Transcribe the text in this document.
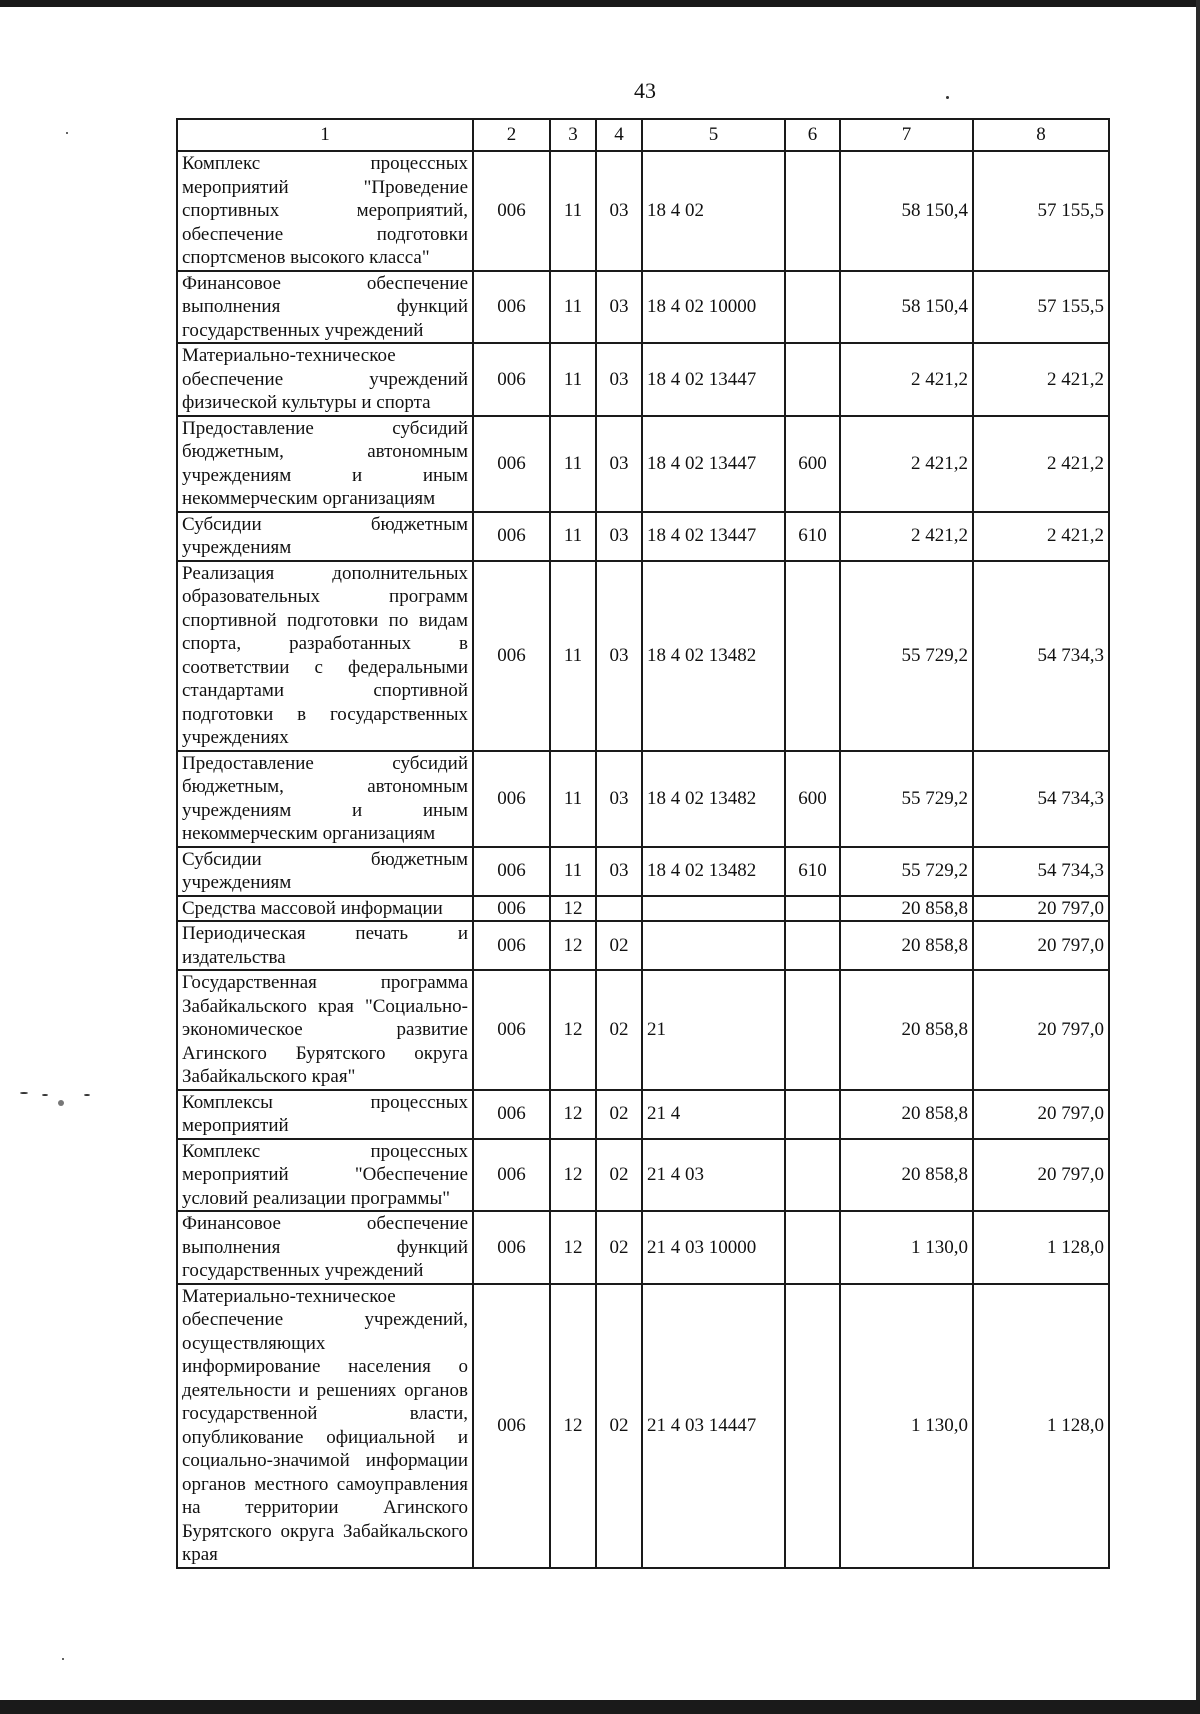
43
1	2	3	4	5	6	7	8
Комплекс процессных мероприятий "Проведение спортивных мероприятий, обеспечение подготовки спортсменов высокого класса"	006	11	03	18 4 02		58 150,4	57 155,5
Финансовое обеспечение выполнения функций государственных учреждений	006	11	03	18 4 02 10000		58 150,4	57 155,5
Материально-техническое обеспечение учреждений физической культуры и спорта	006	11	03	18 4 02 13447		2 421,2	2 421,2
Предоставление субсидий бюджетным, автономным учреждениям и иным некоммерческим организациям	006	11	03	18 4 02 13447	600	2 421,2	2 421,2
Субсидии бюджетным учреждениям	006	11	03	18 4 02 13447	610	2 421,2	2 421,2
Реализация дополнительных образовательных программ спортивной подготовки по видам спорта, разработанных в соответствии с федеральными стандартами спортивной подготовки в государственных учреждениях	006	11	03	18 4 02 13482		55 729,2	54 734,3
Предоставление субсидий бюджетным, автономным учреждениям и иным некоммерческим организациям	006	11	03	18 4 02 13482	600	55 729,2	54 734,3
Субсидии бюджетным учреждениям	006	11	03	18 4 02 13482	610	55 729,2	54 734,3
Средства массовой информации	006	12				20 858,8	20 797,0
Периодическая печать и издательства	006	12	02			20 858,8	20 797,0
Государственная программа Забайкальского края "Социально-экономическое развитие Агинского Бурятского округа Забайкальского края"	006	12	02	21		20 858,8	20 797,0
Комплексы процессных мероприятий	006	12	02	21 4		20 858,8	20 797,0
Комплекс процессных мероприятий "Обеспечение условий реализации программы"	006	12	02	21 4 03		20 858,8	20 797,0
Финансовое обеспечение выполнения функций государственных учреждений	006	12	02	21 4 03 10000		1 130,0	1 128,0
Материально-техническое обеспечение учреждений, осуществляющих информирование населения о деятельности и решениях органов государственной власти, опубликование официальной и социально-значимой информации органов местного самоуправления на территории Агинского Бурятского округа Забайкальского края	006	12	02	21 4 03 14447		1 130,0	1 128,0
